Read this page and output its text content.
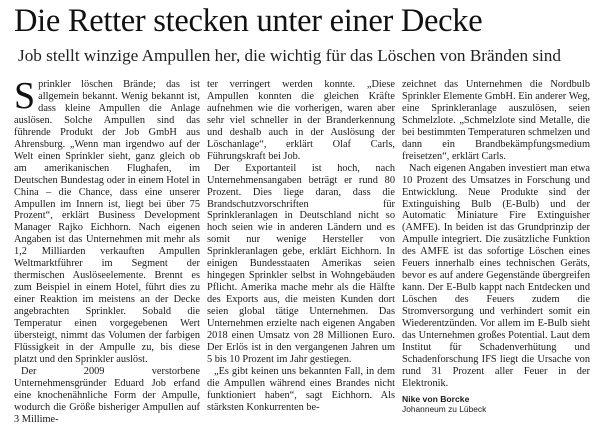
Die Retter stecken unter einer Decke
Job stellt winzige Ampullen her, die wichtig für das Löschen von Bränden sind

Sprinkler löschen Brände; das ist allgemein bekannt. Wenig bekannt ist, dass kleine Ampullen die Anlage auslösen. Solche Ampullen sind das führende Produkt der Job GmbH aus Ahrensburg. „Wenn man irgendwo auf der Welt einen Sprinkler sieht, ganz gleich ob am amerikanischen Flughafen, im Deutschen Bundestag oder in einem Hotel in China – die Chance, dass eine unserer Ampullen im Innern ist, liegt bei über 75 Prozent“, erklärt Business Development Manager Rajko Eichhorn. Nach eigenen Angaben ist das Unternehmen mit mehr als 1,2 Milliarden verkauften Ampullen Weltmarktführer im Segment der thermischen Auslöseelemente. Brennt es zum Beispiel in einem Hotel, führt dies zu einer Reaktion im meistens an der Decke angebrachten Sprinkler. Sobald die Temperatur einen vorgegebenen Wert übersteigt, nimmt das Volumen der farbigen Flüssigkeit in der Ampulle zu, bis diese platzt und den Sprinkler auslöst.

Der 2009 verstorbene Unternehmensgründer Eduard Job erfand eine knochenähnliche Form der Ampulle, wodurch die Größe bisheriger Ampullen auf 3 Millime-

ter verringert werden konnte. „Diese Ampullen konnten die gleichen Kräfte aufnehmen wie die vorherigen, waren aber sehr viel schneller in der Branderkennung und deshalb auch in der Auslösung der Löschanlage“, erklärt Olaf Carls, Führungskraft bei Job.

Der Exportanteil ist hoch, nach Unternehmensangaben beträgt er rund 80 Prozent. Dies liege daran, dass die Brandschutzvorschriften für Sprinkleranlagen in Deutschland nicht so hoch seien wie in anderen Ländern und es somit nur wenige Hersteller von Sprinkleranlagen gebe, erklärt Eichhorn. In einigen Bundesstaaten Amerikas seien hingegen Sprinkler selbst in Wohngebäuden Pflicht. Amerika mache mehr als die Hälfte des Exports aus, die meisten Kunden dort seien global tätige Unternehmen. Das Unternehmen erzielte nach eigenen Angaben 2018 einen Umsatz von 28 Millionen Euro. Der Erlös ist in den vergangenen Jahren um 5 bis 10 Prozent im Jahr gestiegen.

„Es gibt keinen uns bekannten Fall, in dem die Ampullen während eines Brandes nicht funktioniert haben“, sagt Eichhorn. Als stärksten Konkurrenten be-

zeichnet das Unternehmen die Nordbulb Sprinkler Elemente GmbH. Ein anderer Weg, eine Sprinkleranlage auszulösen, seien Schmelzlote. „Schmelzlote sind Metalle, die bei bestimmten Temperaturen schmelzen und dann ein Brandbekämpfungsmedium freisetzen“, erklärt Carls.

Nach eigenen Angaben investiert man etwa 10 Prozent des Umsatzes in Forschung und Entwicklung. Neue Produkte sind der Extinguishing Bulb (E-Bulb) und der Automatic Miniature Fire Extinguisher (AMFE). In beiden ist das Grundprinzip der Ampulle integriert. Die zusätzliche Funktion des AMFE ist das sofortige Löschen eines Feuers innerhalb eines technischen Geräts, bevor es auf andere Gegenstände übergreifen kann. Der E-Bulb kappt nach Entdecken und Löschen des Feuers zudem die Stromversorgung und verhindert somit ein Wiederentzünden. Vor allem im E-Bulb sieht das Unternehmen großes Potential. Laut dem Institut für Schadenverhütung und Schadenforschung IFS liegt die Ursache von rund 31 Prozent aller Feuer in der Elektronik.

Nike von Borcke
Johanneum zu Lübeck
